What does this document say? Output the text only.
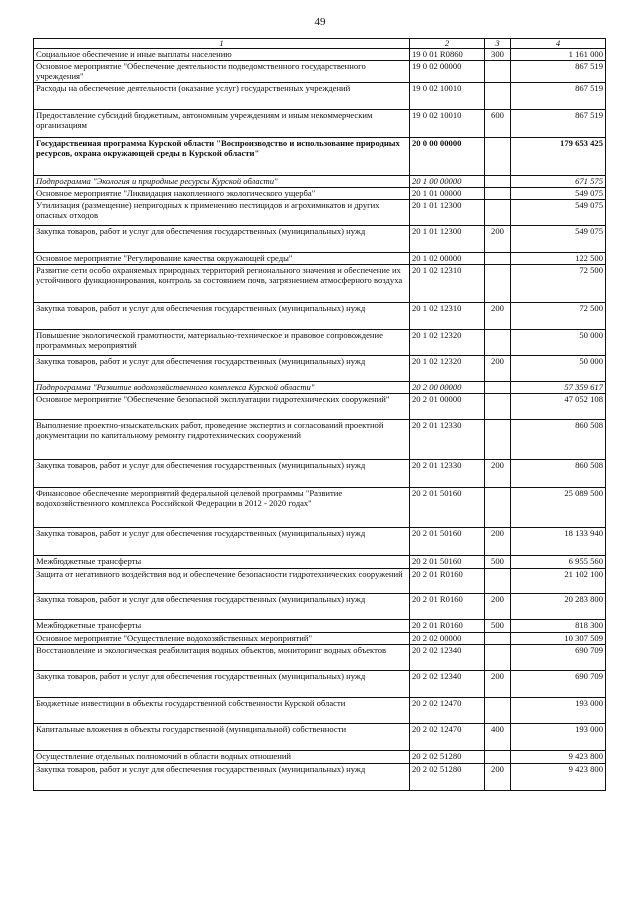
49
1	2	3	4
Социальное обеспечение и иные выплаты населению	19 0 01 R0860	300	1 161 000
Основное мероприятие "Обеспечение деятельности подведомственного государственного учреждения"	19 0 02 00000		867 519
Расходы на обеспечение деятельности (оказание услуг) государственных учреждений	19 0 02 10010		867 519
Предоставление субсидий бюджетным, автономным учреждениям и иным некоммерческим организациям	19 0 02 10010	600	867 519
Государственная программа Курской области "Воспроизводство и использование природных ресурсов, охрана окружающей среды в Курской области"	20 0 00 00000		179 653 425
Подпрограмма "Экология и природные ресурсы Курской области"	20 1 00 00000		671 575
Основное мероприятие "Ликвидация накопленного экологического ущерба"	20 1 01 00000		549 075
Утилизация (размещение) непригодных к применению пестицидов и агрохимикатов и других опасных отходов	20 1 01 12300		549 075
Закупка товаров, работ и услуг для обеспечения государственных (муниципальных) нужд	20 1 01 12300	200	549 075
Основное мероприятие "Регулирование качества окружающей среды"	20 1 02 00000		122 500
Развитие сети особо охраняемых природных территорий регионального значения и обеспечение их устойчивого функционирования, контроль за состоянием почв, загрязнением атмосферного воздуха	20 1 02 12310		72 500
Закупка товаров, работ и услуг для обеспечения государственных (муниципальных) нужд	20 1 02 12310	200	72 500
Повышение экологической грамотности, материально-техническое и правовое сопровождение программных мероприятий	20 1 02 12320		50 000
Закупка товаров, работ и услуг для обеспечения государственных (муниципальных) нужд	20 1 02 12320	200	50 000
Подпрограмма "Развитие водохозяйственного комплекса Курской области"	20 2 00 00000		57 359 617
Основное мероприятие "Обеспечение безопасной эксплуатации гидротехнических сооружений"	20 2 01 00000		47 052 108
Выполнение проектно-изыскательских работ, проведение экспертиз и согласований проектной документации по капитальному ремонту гидротехнических сооружений	20 2 01 12330		860 508
Закупка товаров, работ и услуг для обеспечения государственных (муниципальных) нужд	20 2 01 12330	200	860 508
Финансовое обеспечение мероприятий федеральной целевой программы "Развитие водохозяйственного комплекса Российской Федерации в 2012 - 2020 годах"	20 2 01 50160		25 089 500
Закупка товаров, работ и услуг для обеспечения государственных (муниципальных) нужд	20 2 01 50160	200	18 133 940
Межбюджетные трансферты	20 2 01 50160	500	6 955 560
Защита от негативного воздействия вод и обеспечение безопасности гидротехнических сооружений	20 2 01 R0160		21 102 100
Закупка товаров, работ и услуг для обеспечения государственных (муниципальных) нужд	20 2 01 R0160	200	20 283 800
Межбюджетные трансферты	20 2 01 R0160	500	818 300
Основное мероприятие "Осуществление водохозяйственных мероприятий"	20 2 02 00000		10 307 509
Восстановление и экологическая реабилитация водных объектов, мониторинг водных объектов	20 2 02 12340		690 709
Закупка товаров, работ и услуг для обеспечения государственных (муниципальных) нужд	20 2 02 12340	200	690 709
Бюджетные инвестиции в объекты государственной собственности Курской области	20 2 02 12470		193 000
Капитальные вложения в объекты государственной (муниципальной) собственности	20 2 02 12470	400	193 000
Осуществление отдельных полномочий в области водных отношений	20 2 02 51280		9 423 800
Закупка товаров, работ и услуг для обеспечения государственных (муниципальных) нужд	20 2 02 51280	200	9 423 800
